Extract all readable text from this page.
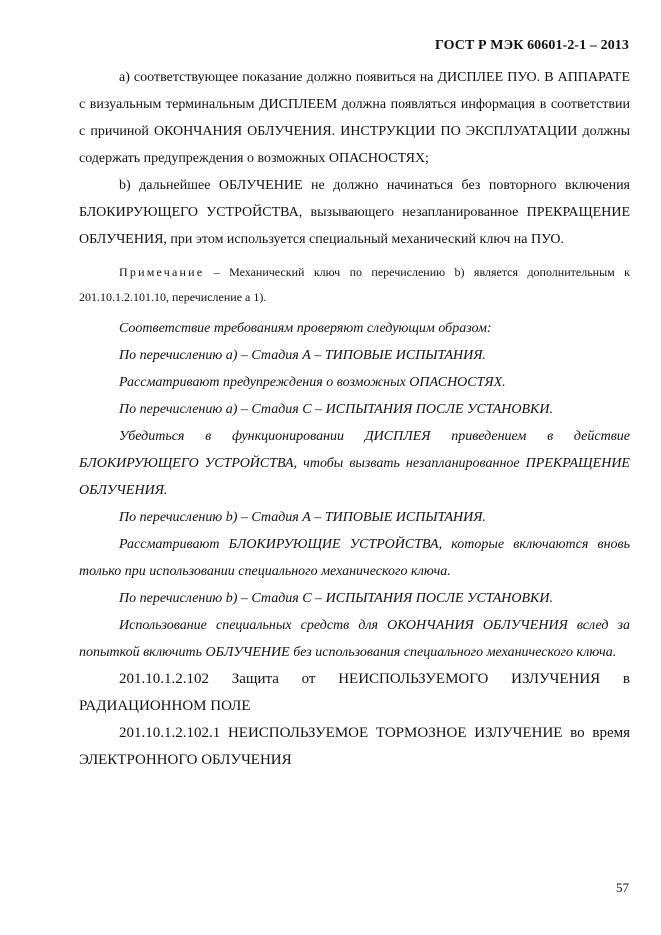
ГОСТ Р МЭК 60601-2-1 – 2013

а) соответствующее показание должно появиться на ДИСПЛЕЕ ПУО. В АППАРАТЕ с визуальным терминальным ДИСПЛЕЕМ должна появляться информация в соответствии с причиной ОКОНЧАНИЯ ОБЛУЧЕНИЯ. ИНСТРУКЦИИ ПО ЭКСПЛУАТАЦИИ должны содержать предупреждения о возможных ОПАСНОСТЯХ;

b) дальнейшее ОБЛУЧЕНИЕ не должно начинаться без повторного включения БЛОКИРУЮЩЕГО УСТРОЙСТВА, вызывающего незапланированное ПРЕКРАЩЕНИЕ ОБЛУЧЕНИЯ, при этом используется специальный механический ключ на ПУО.

Примечание – Механический ключ по перечислению b) является дополнительным к 201.10.1.2.101.10, перечисление а 1).

Соответствие требованиям проверяют следующим образом:

По перечислению а) – Стадия А – ТИПОВЫЕ ИСПЫТАНИЯ.

Рассматривают предупреждения о возможных ОПАСНОСТЯХ.

По перечислению а) – Стадия С – ИСПЫТАНИЯ ПОСЛЕ УСТАНОВКИ.

Убедиться в функционировании ДИСПЛЕЯ приведением в действие БЛОКИРУЮЩЕГО УСТРОЙСТВА, чтобы вызвать незапланированное ПРЕКРАЩЕНИЕ ОБЛУЧЕНИЯ.

По перечислению b) – Стадия А – ТИПОВЫЕ ИСПЫТАНИЯ.

Рассматривают БЛОКИРУЮЩИЕ УСТРОЙСТВА, которые включаются вновь только при использовании специального механического ключа.

По перечислению b) – Стадия С – ИСПЫТАНИЯ ПОСЛЕ УСТАНОВКИ.

Использование специальных средств для ОКОНЧАНИЯ ОБЛУЧЕНИЯ вслед за попыткой включить ОБЛУЧЕНИЕ без использования специального механического ключа.

201.10.1.2.102 Защита от НЕИСПОЛЬЗУЕМОГО ИЗЛУЧЕНИЯ в РАДИАЦИОННОМ ПОЛЕ

201.10.1.2.102.1 НЕИСПОЛЬЗУЕМОЕ ТОРМОЗНОЕ ИЗЛУЧЕНИЕ во время ЭЛЕКТРОННОГО ОБЛУЧЕНИЯ

57
